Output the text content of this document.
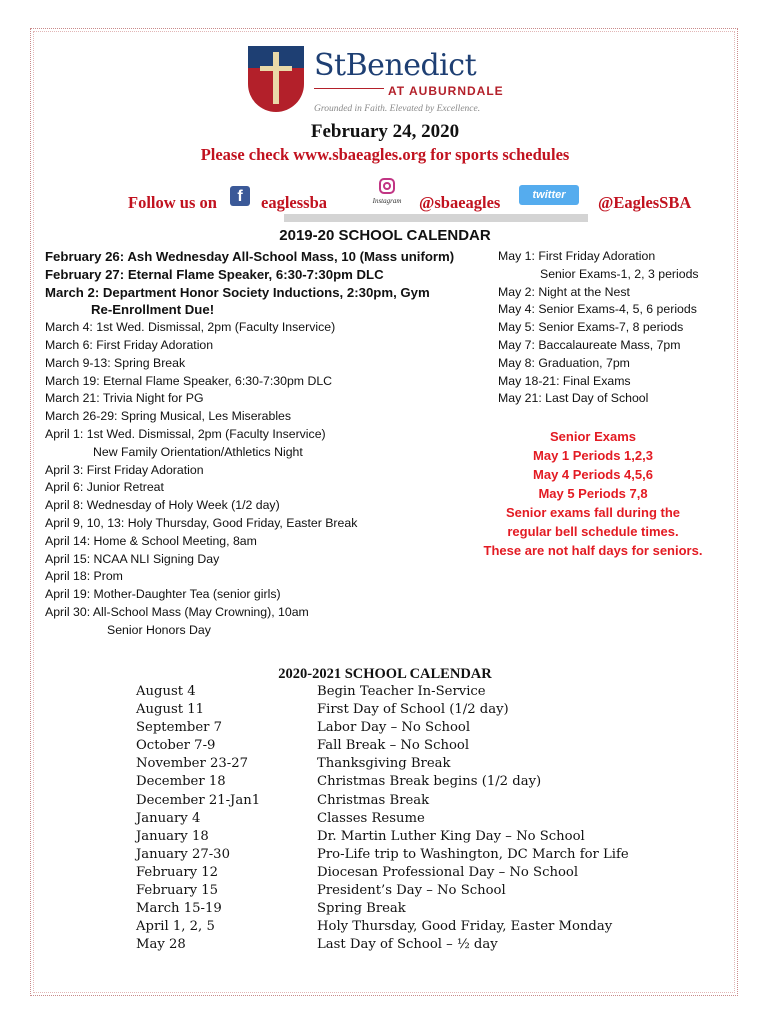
StBenedict
AT AUBURNDALE
Grounded in Faith. Elevated by Excellence.
February 24, 2020
Please check www.sbaeagles.org for sports schedules
Follow us on	f	eaglessba	Instagram @sbaeagles	twitter	@EaglesSBA
2019-20 SCHOOL CALENDAR
February 26: Ash Wednesday All-School Mass, 10 (Mass uniform)
February 27: Eternal Flame Speaker, 6:30-7:30pm DLC
March 2: Department Honor Society Inductions, 2:30pm, Gym
Re-Enrollment Due!
March 4: 1st Wed. Dismissal, 2pm (Faculty Inservice)
March 6: First Friday Adoration
March 9-13: Spring Break
March 19: Eternal Flame Speaker, 6:30-7:30pm DLC
March 21: Trivia Night for PG
March 26-29: Spring Musical, Les Miserables
April 1: 1st Wed. Dismissal, 2pm (Faculty Inservice)
New Family Orientation/Athletics Night
April 3: First Friday Adoration
April 6: Junior Retreat
April 8: Wednesday of Holy Week (1/2 day)
April 9, 10, 13: Holy Thursday, Good Friday, Easter Break
April 14: Home & School Meeting, 8am
April 15: NCAA NLI Signing Day
April 18: Prom
April 19: Mother-Daughter Tea (senior girls)
April 30: All-School Mass (May Crowning), 10am
Senior Honors Day
May 1: First Friday Adoration
Senior Exams-1, 2, 3 periods
May 2: Night at the Nest
May 4: Senior Exams-4, 5, 6 periods
May 5: Senior Exams-7, 8 periods
May 7: Baccalaureate Mass, 7pm
May 8: Graduation, 7pm
May 18-21: Final Exams
May 21: Last Day of School
Senior Exams
May 1 Periods 1,2,3
May 4 Periods 4,5,6
May 5 Periods 7,8
Senior exams fall during the
regular bell schedule times.
These are not half days for seniors.
2020-2021 SCHOOL CALENDAR
August 4	Begin Teacher In-Service
August 11	First Day of School (1/2 day)
September 7	Labor Day – No School
October 7-9	Fall Break – No School
November 23-27	Thanksgiving Break
December 18	Christmas Break begins (1/2 day)
December 21-Jan1	Christmas Break
January 4	Classes Resume
January 18	Dr. Martin Luther King Day – No School
January 27-30	Pro-Life trip to Washington, DC March for Life
February 12	Diocesan Professional Day – No School
February 15	President’s Day – No School
March 15-19	Spring Break
April 1, 2, 5	Holy Thursday, Good Friday, Easter Monday
May 28	Last Day of School – ½ day
